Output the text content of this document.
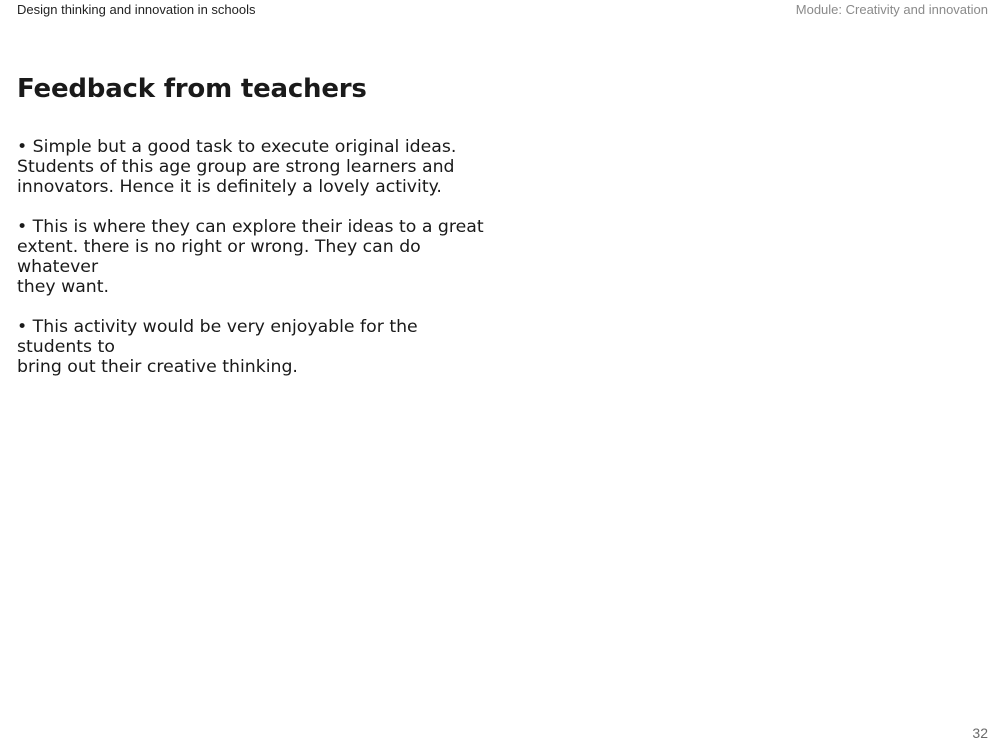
Design thinking and innovation in schools	Module: Creativity and innovation
Feedback from teachers
• Simple but a good task to execute original ideas.
Students of this age group are strong learners and
innovators. Hence it is definitely a lovely activity.
• This is where they can explore their ideas to a great
extent. there is no right or wrong. They can do whatever
they want.
• This activity would be very enjoyable for the students to
bring out their creative thinking.
32
